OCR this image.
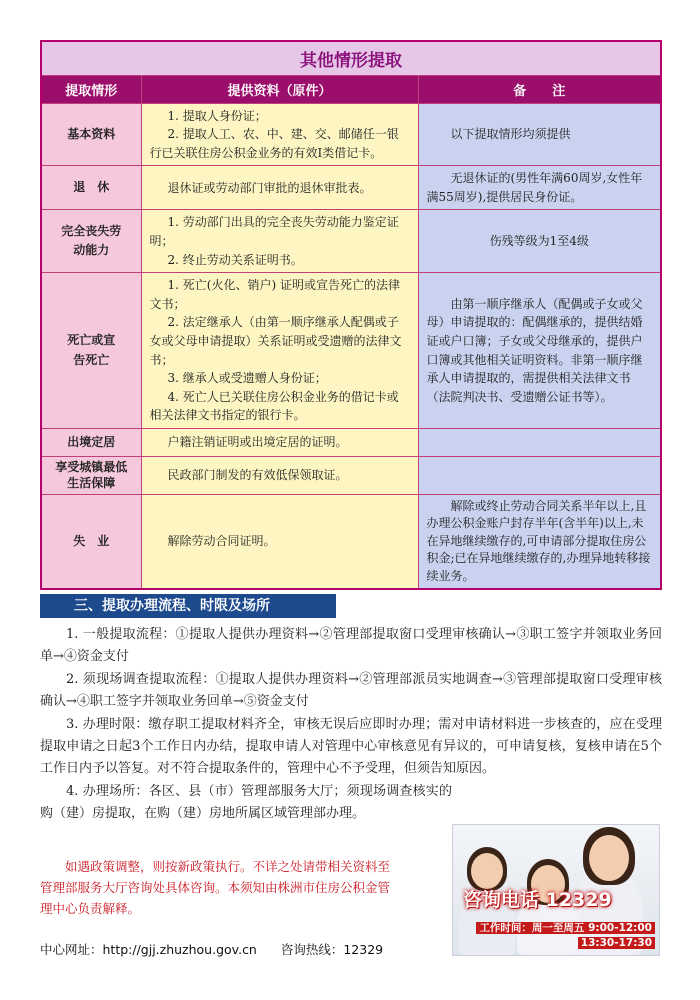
其他情形提取		
提取情形	提供资料（原件）	备　　注
基本资料	1. 提取人身份证；

2. 提取人工、农、中、建、交、邮储任一银行已关联住房公积金业务的有效Ⅰ类借记卡。	以下提取情形均须提供

退　休	退休证或劳动部门审批的退休审批表。	无退休证的(男性年满60周岁,女性年满55周岁),提供居民身份证。

完全丧失劳动能力	1. 劳动部门出具的完全丧失劳动能力鉴定证明；

2. 终止劳动关系证明书。	伤残等级为1至4级

死亡或宣告死亡	1. 死亡(火化、销户) 证明或宣告死亡的法律文书；

2. 法定继承人（由第一顺序继承人配偶或子女或父母申请提取）关系证明或受遗赠的法律文书；

3. 继承人或受遗赠人身份证；

4. 死亡人已关联住房公积金业务的借记卡或相关法律文书指定的银行卡。	由第一顺序继承人（配偶或子女或父母）申请提取的：配偶继承的，提供结婚证或户口簿；子女或父母继承的，提供户口簿或其他相关证明资料。非第一顺序继承人申请提取的，需提供相关法律文书（法院判决书、受遗赠公证书等）。

出境定居	户籍注销证明或出境定居的证明。	

享受城镇最低生活保障	民政部门制发的有效低保领取证。	

失　业	解除劳动合同证明。	解除或终止劳动合同关系半年以上,且办理公积金账户封存半年(含半年)以上,未在异地继续缴存的,可申请部分提取住房公积金;已在异地继续缴存的,办理异地转移接续业务。

三、提取办理流程、时限及场所

1. 一般提取流程：①提取人提供办理资料→②管理部提取窗口受理审核确认→③职工签字并领取业务回单→④资金支付

2. 须现场调查提取流程：①提取人提供办理资料→②管理部派员实地调查→③管理部提取窗口受理审核确认→④职工签字并领取业务回单→⑤资金支付

3. 办理时限：缴存职工提取材料齐全，审核无误后应即时办理；需对申请材料进一步核查的，应在受理提取申请之日起3个工作日内办结，提取申请人对管理中心审核意见有异议的，可申请复核，复核申请在5个工作日内予以答复。对不符合提取条件的，管理中心不予受理，但须告知原因。

4. 办理场所：各区、县（市）管理部服务大厅；须现场调查核实的购（建）房提取，在购（建）房地所属区域管理部办理。

如遇政策调整，则按新政策执行。不详之处请带相关资料至管理部服务大厅咨询处具体咨询。本须知由株洲市住房公积金管理中心负责解释。
中心网址：http://gjj.zhuzhou.gov.cn 咨询热线：12329
咨询电话 12329
工作时间：周一至周五 9:00-12:00
13:30-17:30
